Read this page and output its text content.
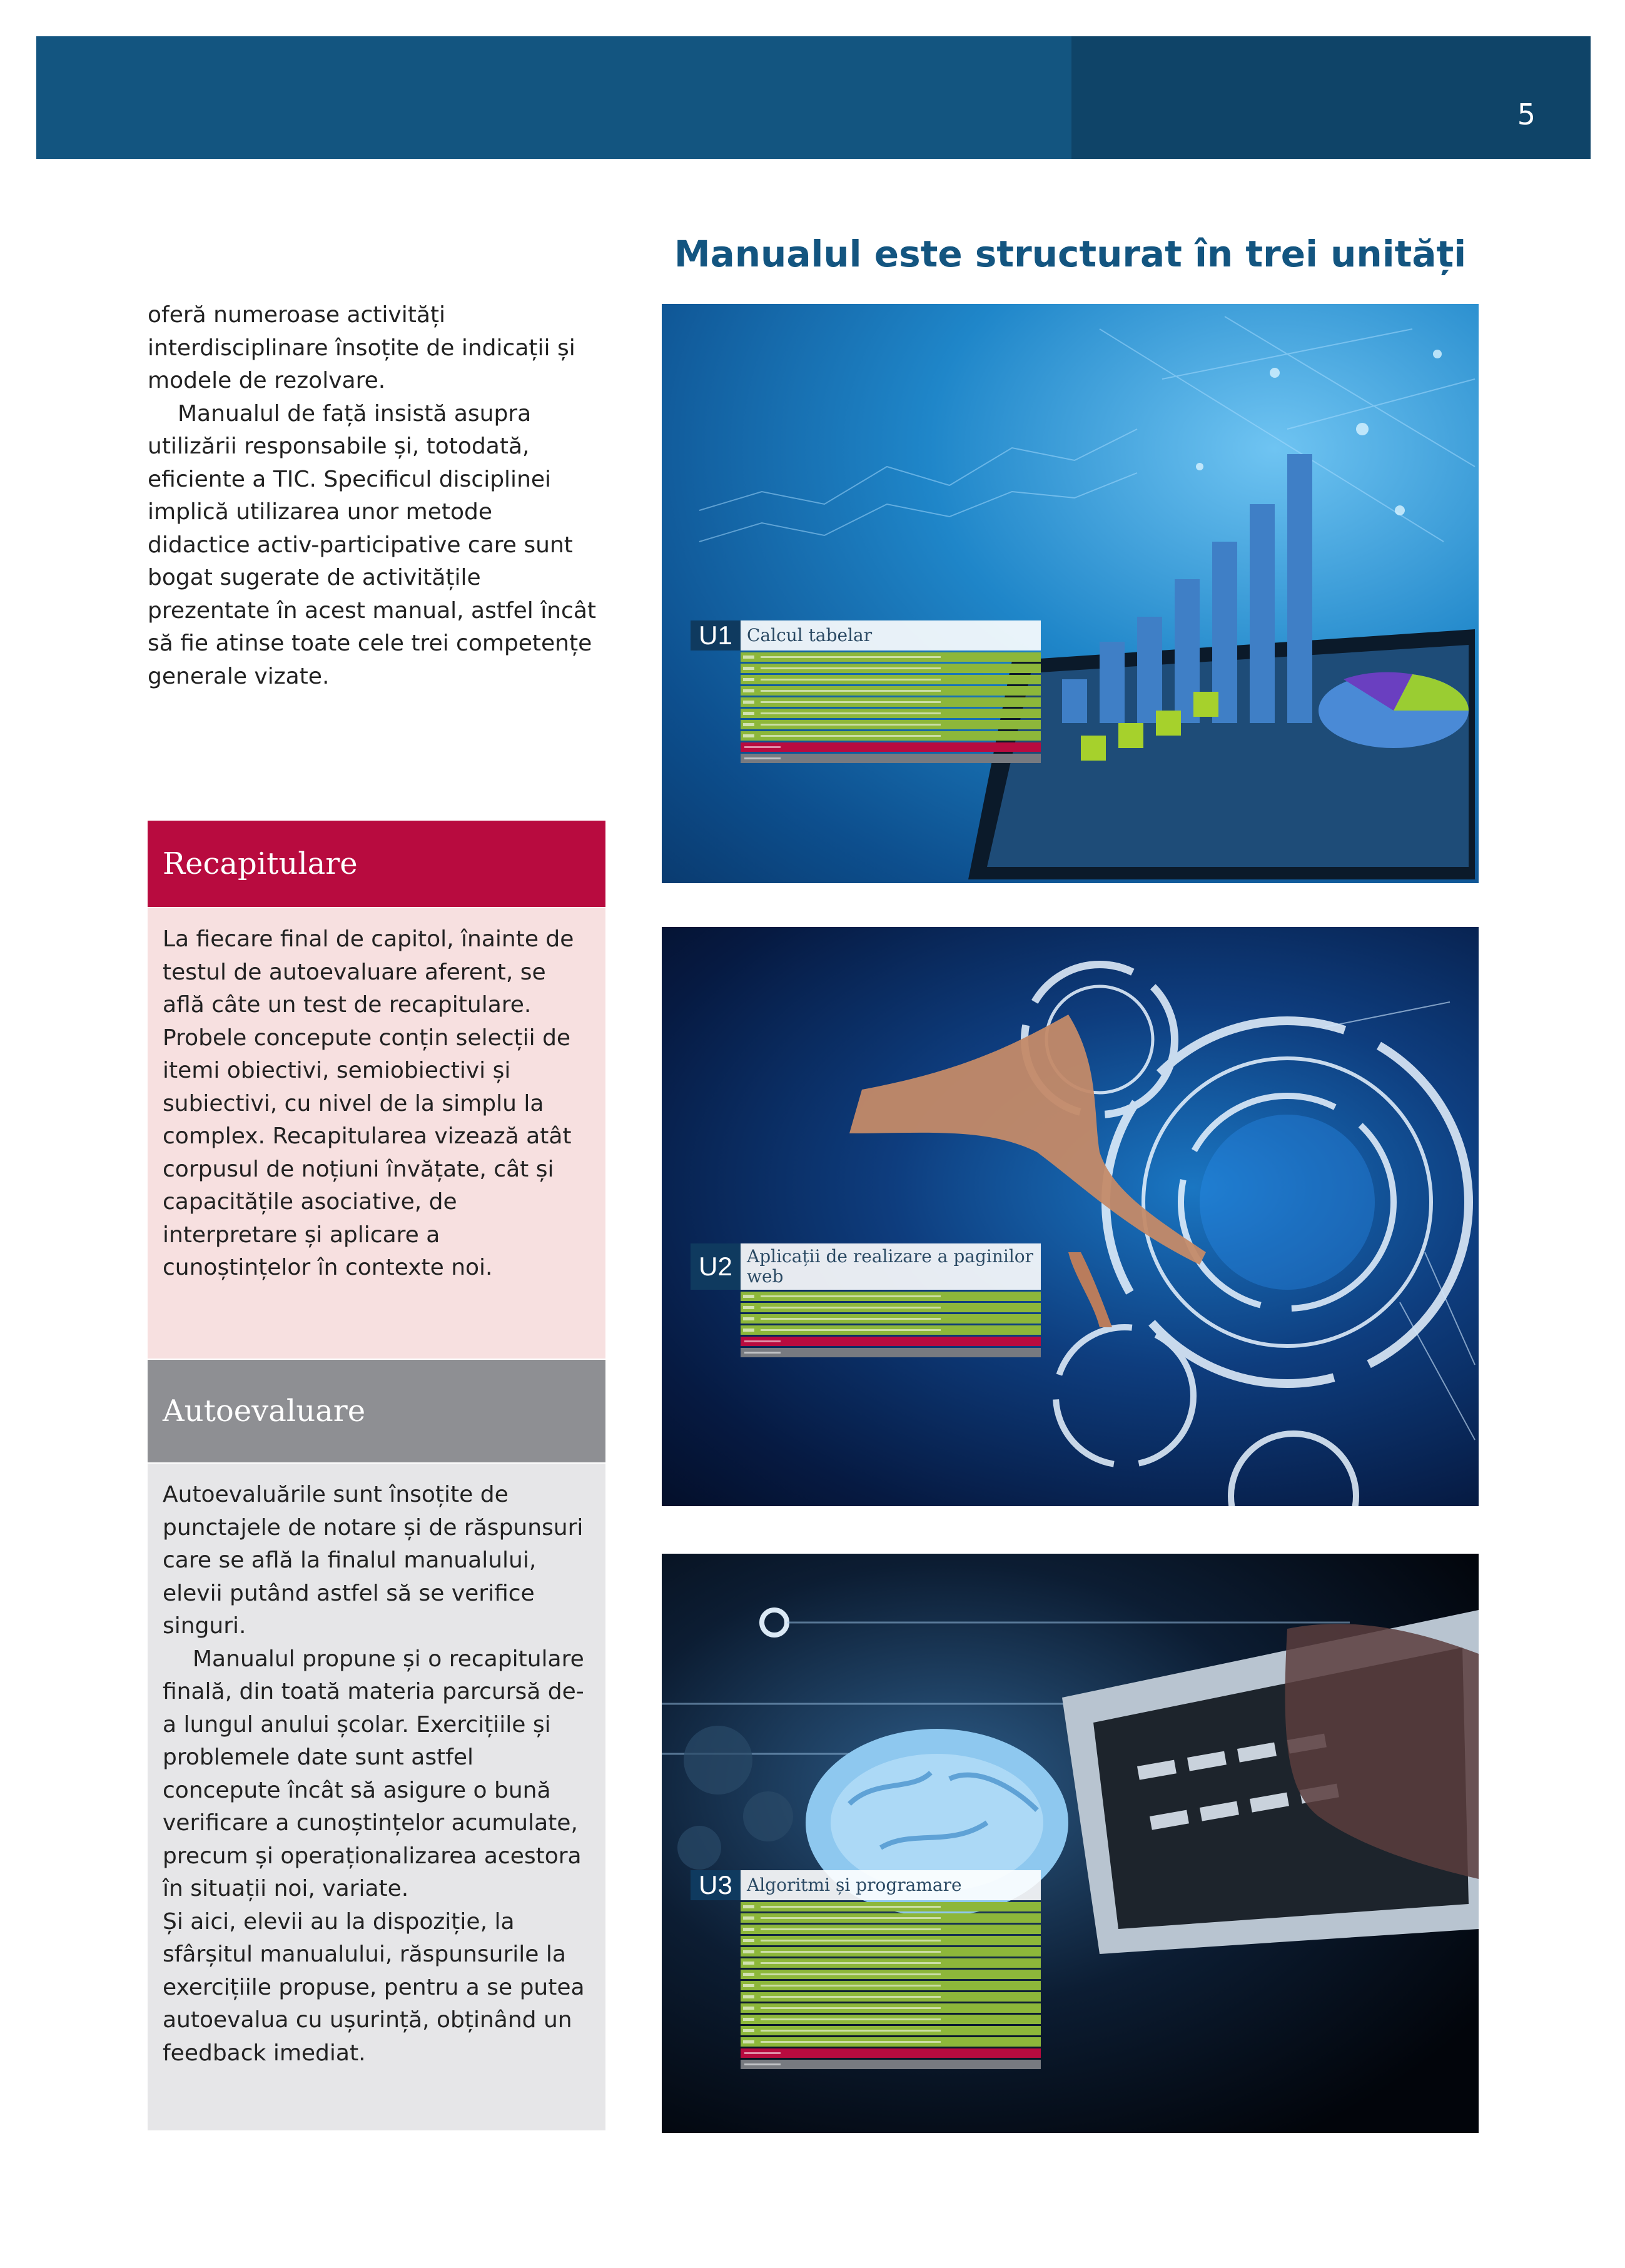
5
Manualul este structurat în trei unități

oferă numeroase activități interdisciplinare însoțite de indicații și modele de rezolvare.

Manualul de față insistă asupra utilizării responsabile și, totodată, eficiente a TIC. Specificul disciplinei implică utilizarea unor metode didactice activ-participative care sunt bogat sugerate de activitățile prezentate în acest manual, astfel încât să fie atinse toate cele trei competențe generale vizate.

Recapitulare

La fiecare final de capitol, înainte de testul de autoevaluare aferent, se află câte un test de recapitulare. Probele concepute conțin selecții de itemi obiectivi, semiobiectivi și subiectivi, cu nivel de la simplu la complex. Recapitularea vizează atât corpusul de noțiuni învățate, cât și capacitățile asociative, de interpretare și aplicare a cunoștințelor în contexte noi.

Autoevaluare

Autoevaluările sunt însoțite de punctajele de notare și de răspunsuri care se află la finalul manualului, elevii putând astfel să se verifice singuri.

Manualul propune și o recapitulare finală, din toată materia parcursă de-a lungul anului școlar. Exercițiile și problemele date sunt astfel concepute încât să asigure o bună verificare a cunoștințelor acumulate, precum și operaționalizarea acestora în situații noi, variate.

Și aici, elevii au la dispoziție, la sfârșitul manualului, răspunsurile la exercițiile propuse, pentru a se putea autoevalua cu ușurință, obținând un feedback imediat.

U1 Calcul tabelar
U2 Aplicații de realizare a paginilor web
U3 Algoritmi și programare
